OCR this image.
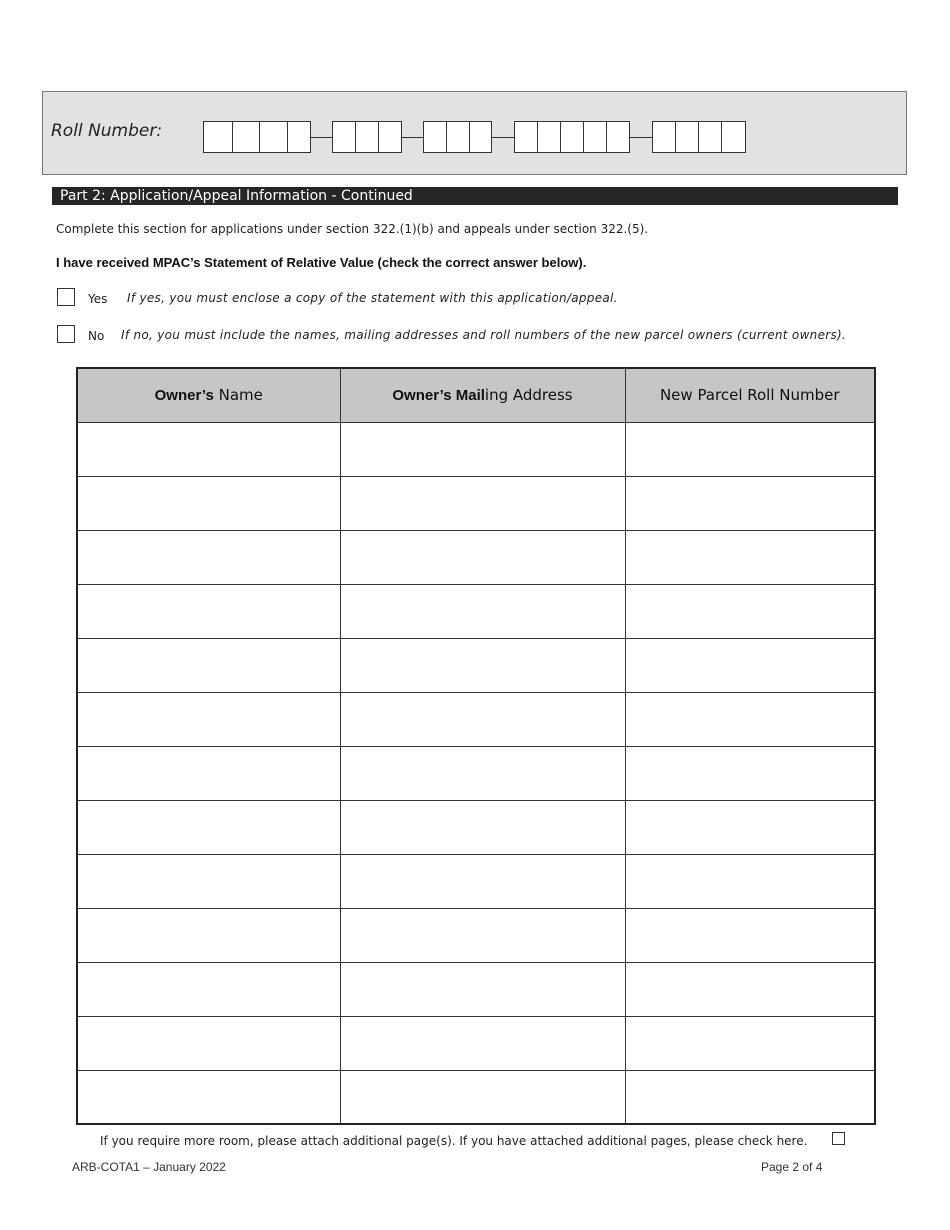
Roll Number:
Part 2: Application/Appeal Information - Continued
Complete this section for applications under section 322.(1)(b) and appeals under section 322.(5).
I have received MPAC’s Statement of Relative Value (check the correct answer below).
Yes If yes, you must enclose a copy of the statement with this application/appeal.
No If no, you must include the names, mailing addresses and roll numbers of the new parcel owners (current owners).
Owner’s Name	Owner’s Mailing Address	New Parcel Roll Number

If you require more room, please attach additional page(s). If you have attached additional pages, please check here.
ARB-COTA1 – January 2022	Page 2 of 4
